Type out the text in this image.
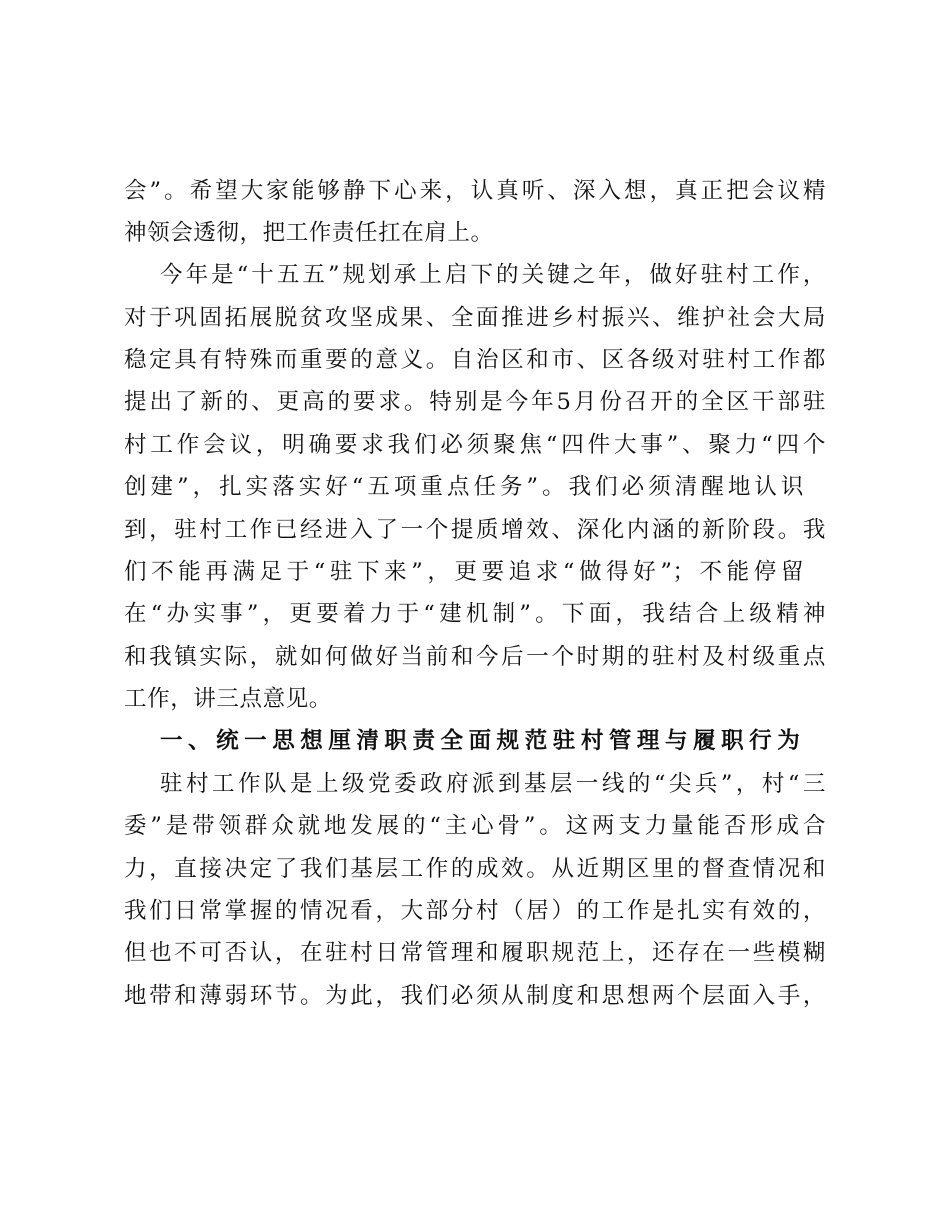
会”。希望大家能够静下心来，认真听、深入想，真正把会议精
神领会透彻，把工作责任扛在肩上。
今年是“十五五”规划承上启下的关键之年，做好驻村工作，
对于巩固拓展脱贫攻坚成果、全面推进乡村振兴、维护社会大局
稳定具有特殊而重要的意义。自治区和市、区各级对驻村工作都
提出了新的、更高的要求。特别是今年5月份召开的全区干部驻
村工作会议，明确要求我们必须聚焦“四件大事”、聚力“四个
创建”，扎实落实好“五项重点任务”。我们必须清醒地认识
到，驻村工作已经进入了一个提质增效、深化内涵的新阶段。我
们不能再满足于“驻下来”，更要追求“做得好”；不能停留
在“办实事”，更要着力于“建机制”。下面，我结合上级精神
和我镇实际，就如何做好当前和今后一个时期的驻村及村级重点
工作，讲三点意见。
一、统一思想厘清职责全面规范驻村管理与履职行为
驻村工作队是上级党委政府派到基层一线的“尖兵”，村“三
委”是带领群众就地发展的“主心骨”。这两支力量能否形成合
力，直接决定了我们基层工作的成效。从近期区里的督查情况和
我们日常掌握的情况看，大部分村（居）的工作是扎实有效的，
但也不可否认，在驻村日常管理和履职规范上，还存在一些模糊
地带和薄弱环节。为此，我们必须从制度和思想两个层面入手，
